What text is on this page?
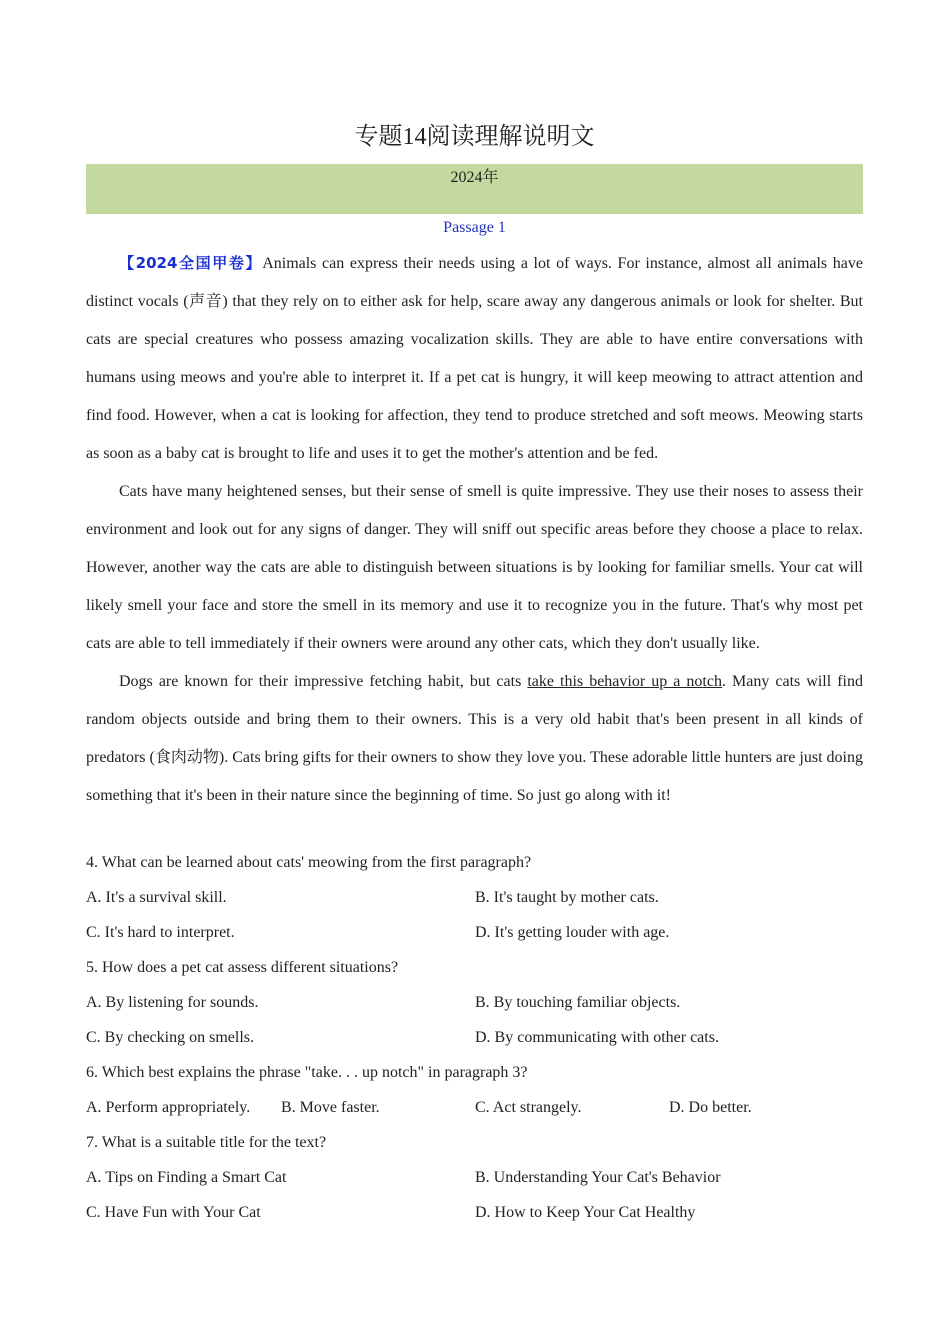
专题14阅读理解说明文
2024年
Passage 1

【2024全国甲卷】Animals can express their needs using a lot of ways. For instance, almost all animals have distinct vocals (声音) that they rely on to either ask for help, scare away any dangerous animals or look for shelter. But cats are special creatures who possess amazing vocalization skills. They are able to have entire conversations with humans using meows and you're able to interpret it. If a pet cat is hungry, it will keep meowing to attract attention and find food. However, when a cat is looking for affection, they tend to produce stretched and soft meows. Meowing starts as soon as a baby cat is brought to life and uses it to get the mother's attention and be fed.

Cats have many heightened senses, but their sense of smell is quite impressive. They use their noses to assess their environment and look out for any signs of danger. They will sniff out specific areas before they choose a place to relax. However, another way the cats are able to distinguish between situations is by looking for familiar smells. Your cat will likely smell your face and store the smell in its memory and use it to recognize you in the future. That's why most pet cats are able to tell immediately if their owners were around any other cats, which they don't usually like.

Dogs are known for their impressive fetching habit, but cats take this behavior up a notch. Many cats will find random objects outside and bring them to their owners. This is a very old habit that's been present in all kinds of predators (食肉动物). Cats bring gifts for their owners to show they love you. These adorable little hunters are just doing something that it's been in their nature since the beginning of time. So just go along with it!

4. What can be learned about cats' meowing from the first paragraph?
A. It's a survival skill.	B. It's taught by mother cats.
C. It's hard to interpret.	D. It's getting louder with age.
5. How does a pet cat assess different situations?
A. By listening for sounds.	B. By touching familiar objects.
C. By checking on smells.	D. By communicating with other cats.
6. Which best explains the phrase "take. . . up notch" in paragraph 3?
A. Perform appropriately. B. Move faster.	C. Act strangely.	D. Do better.
7. What is a suitable title for the text?
A. Tips on Finding a Smart Cat	B. Understanding Your Cat's Behavior
C. Have Fun with Your Cat	D. How to Keep Your Cat Healthy
